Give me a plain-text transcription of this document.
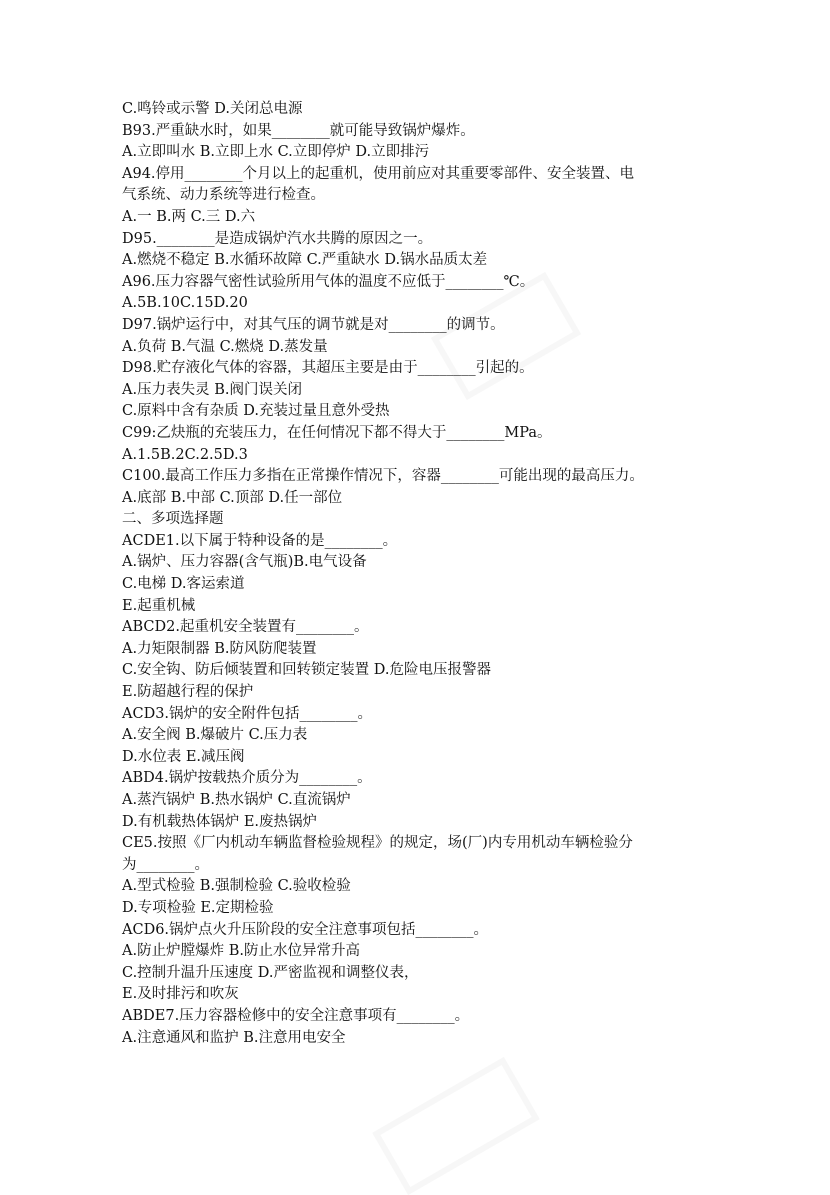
C.鸣铃或示警 D.关闭总电源
B93.严重缺水时，如果________就可能导致锅炉爆炸。
A.立即叫水 B.立即上水 C.立即停炉 D.立即排污
A94.停用________个月以上的起重机，使用前应对其重要零部件、安全装置、电
气系统、动力系统等进行检查。
A.一 B.两 C.三 D.六
D95.________是造成锅炉汽水共腾的原因之一。
A.燃烧不稳定 B.水循环故障 C.严重缺水 D.锅水品质太差
A96.压力容器气密性试验所用气体的温度不应低于________℃。
A.5B.10C.15D.20
D97.锅炉运行中，对其气压的调节就是对________的调节。
A.负荷 B.气温 C.燃烧 D.蒸发量
D98.贮存液化气体的容器，其超压主要是由于________引起的。
A.压力表失灵 B.阀门误关闭
C.原料中含有杂质 D.充装过量且意外受热
C99:乙炔瓶的充装压力，在任何情况下都不得大于________MPa。
A.1.5B.2C.2.5D.3
C100.最高工作压力多指在正常操作情况下，容器________可能出现的最高压力。
A.底部 B.中部 C.顶部 D.任一部位
二、多项选择题
ACDE1.以下属于特种设备的是________。
A.锅炉、压力容器(含气瓶)B.电气设备
C.电梯 D.客运索道
E.起重机械
ABCD2.起重机安全装置有________。
A.力矩限制器 B.防风防爬装置
C.安全钩、防后倾装置和回转锁定装置 D.危险电压报警器
E.防超越行程的保护
ACD3.锅炉的安全附件包括________。
A.安全阀 B.爆破片 C.压力表
D.水位表 E.减压阀
ABD4.锅炉按载热介质分为________。
A.蒸汽锅炉 B.热水锅炉 C.直流锅炉
D.有机载热体锅炉 E.废热锅炉
CE5.按照《厂内机动车辆监督检验规程》的规定，场(厂)内专用机动车辆检验分
为________。
A.型式检验 B.强制检验 C.验收检验
D.专项检验 E.定期检验
ACD6.锅炉点火升压阶段的安全注意事项包括________。
A.防止炉膛爆炸 B.防止水位异常升高
C.控制升温升压速度 D.严密监视和调整仪表，
E.及时排污和吹灰
ABDE7.压力容器检修中的安全注意事项有________。
A.注意通风和监护 B.注意用电安全
